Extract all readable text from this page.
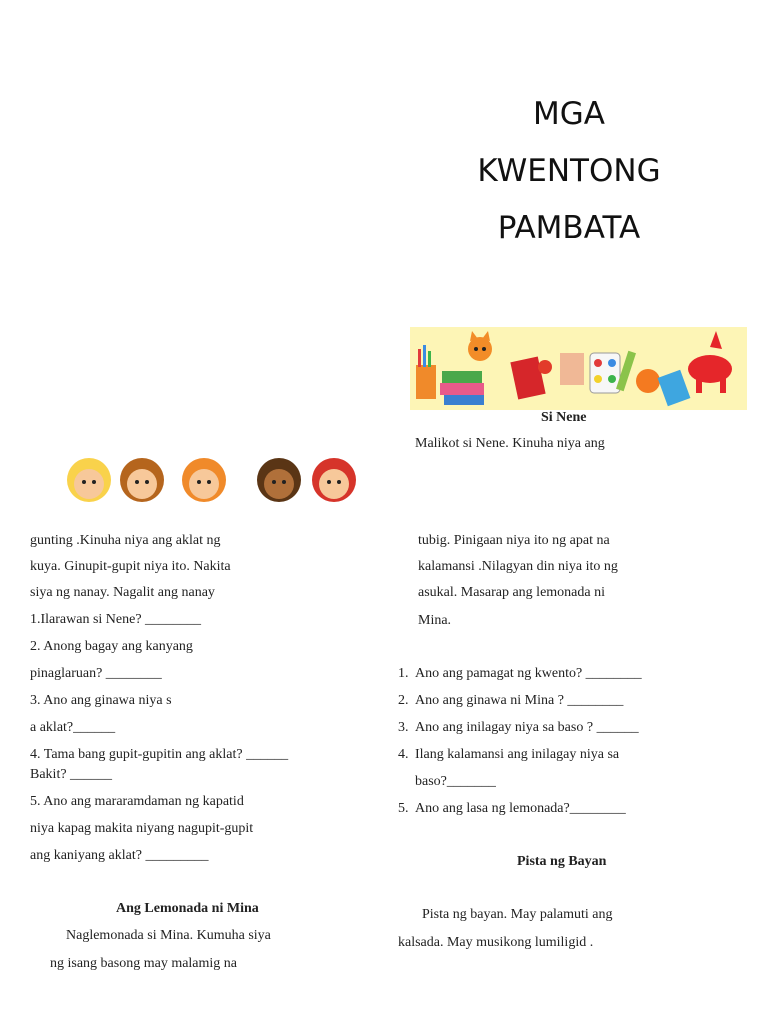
MGA
KWENTONG
PAMBATA
Si Nene
Malikot si Nene. Kinuha niya ang
gunting .Kinuha niya ang aklat ng
kuya. Ginupit-gupit niya ito. Nakita
siya ng nanay. Nagalit ang nanay
1.Ilarawan si Nene? ________
2. Anong bagay ang kanyang
pinaglaruan? ________
3. Ano ang ginawa niya s
a aklat?______
4. Tama bang gupit-gupitin ang aklat? ______
Bakit? ______
5. Ano ang mararamdaman ng kapatid
niya kapag makita niyang nagupit-gupit
ang kaniyang aklat? _________
Ang Lemonada ni Mina
Naglemonada si Mina. Kumuha siya
ng isang basong may malamig na
tubig. Pinigaan niya ito ng apat na
kalamansi .Nilagyan din niya ito ng
asukal. Masarap ang lemonada ni
Mina.
1. Ano ang pamagat ng kwento? ________
2. Ano ang ginawa ni Mina ? ________
3. Ano ang inilagay niya sa baso ? ______
4. Ilang kalamansi ang inilagay niya sa
baso?_______
5. Ano ang lasa ng lemonada?________
Pista ng Bayan
Pista ng bayan. May palamuti ang
kalsada. May musikong lumiligid .
